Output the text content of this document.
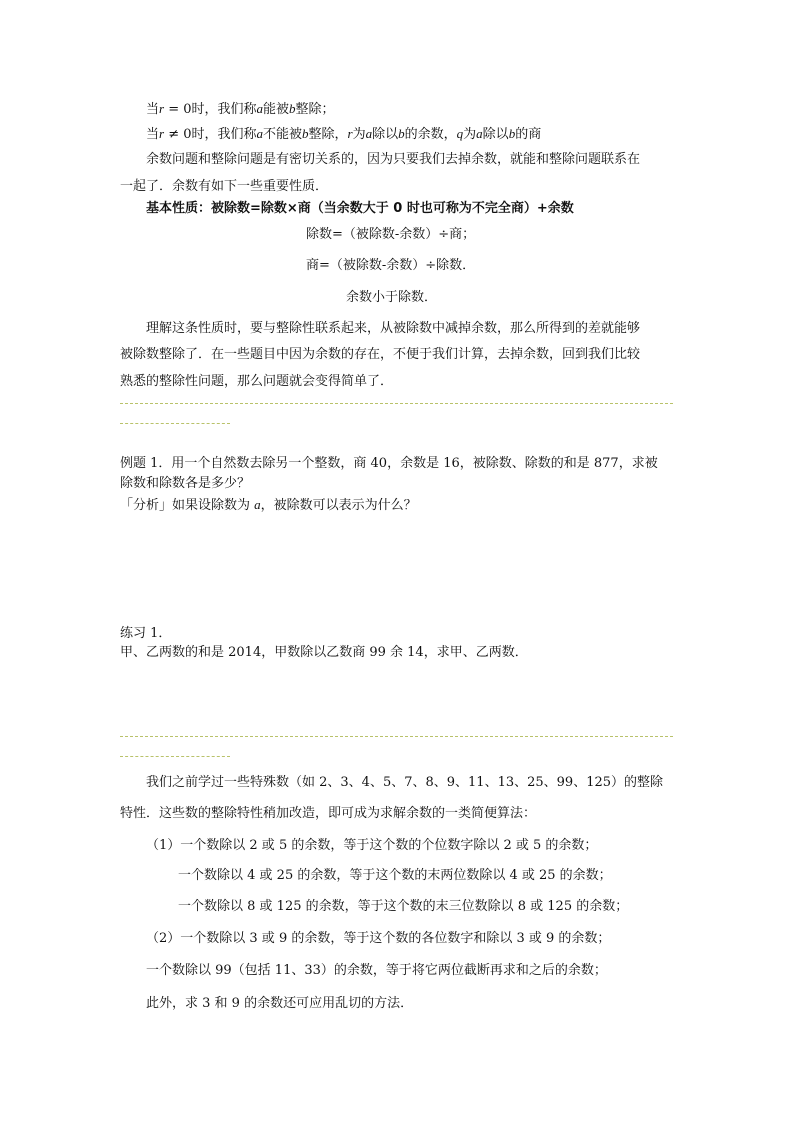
当r = 0时，我们称a能被b整除；
当r ≠ 0时，我们称a不能被b整除，r为a除以b的余数，q为a除以b的商
余数问题和整除问题是有密切关系的，因为只要我们去掉余数，就能和整除问题联系在
一起了．余数有如下一些重要性质．
基本性质：被除数=除数×商（当余数大于 0 时也可称为不完全商）+余数
除数=（被除数-余数）÷商；
商=（被除数-余数）÷除数．
余数小于除数．
理解这条性质时，要与整除性联系起来，从被除数中减掉余数，那么所得到的差就能够
被除数整除了．在一些题目中因为余数的存在，不便于我们计算，去掉余数，回到我们比较
熟悉的整除性问题，那么问题就会变得简单了．
例题 1．用一个自然数去除另一个整数，商 40，余数是 16，被除数、除数的和是 877，求被
除数和除数各是多少？
「分析」如果设除数为 a，被除数可以表示为什么？
练习 1．
甲、乙两数的和是 2014，甲数除以乙数商 99 余 14，求甲、乙两数．
我们之前学过一些特殊数（如 2、3、4、5、7、8、9、11、13、25、99、125）的整除
特性．这些数的整除特性稍加改造，即可成为求解余数的一类简便算法：
（1）一个数除以 2 或 5 的余数，等于这个数的个位数字除以 2 或 5 的余数；
一个数除以 4 或 25 的余数，等于这个数的末两位数除以 4 或 25 的余数；
一个数除以 8 或 125 的余数，等于这个数的末三位数除以 8 或 125 的余数；
（2）一个数除以 3 或 9 的余数，等于这个数的各位数字和除以 3 或 9 的余数；
一个数除以 99（包括 11、33）的余数，等于将它两位截断再求和之后的余数；
此外，求 3 和 9 的余数还可应用乱切的方法．
